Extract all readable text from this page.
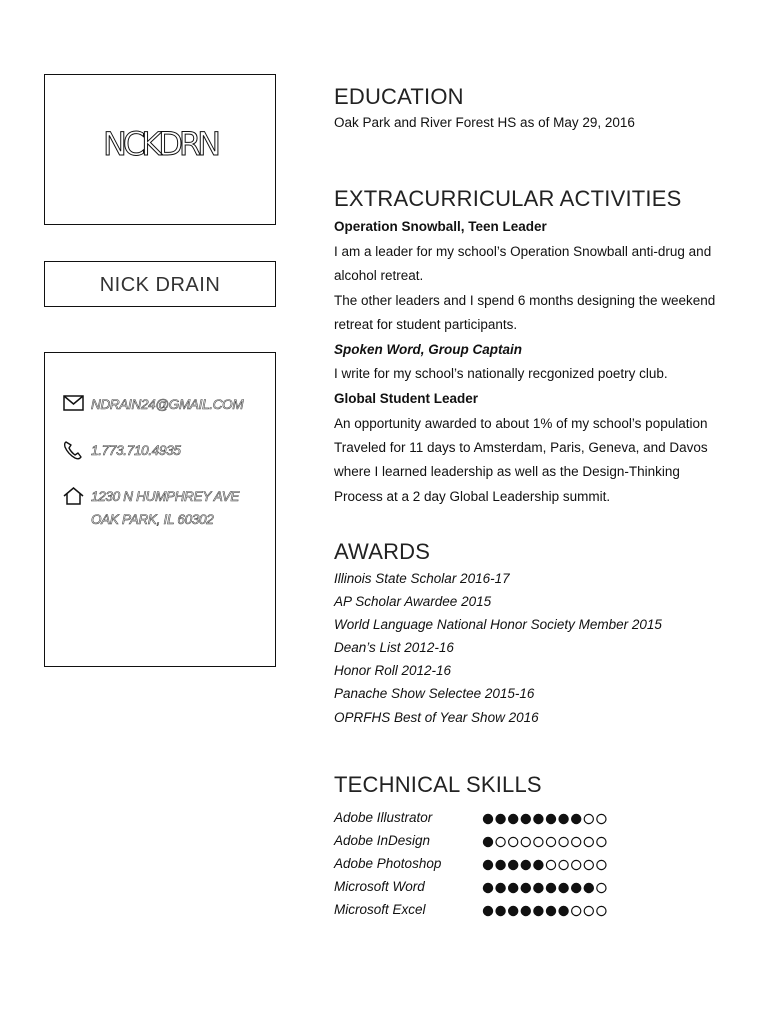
NCKDRN
NICK DRAIN
NDRAIN24@GMAIL.COM
1.773.710.4935
1230 N HUMPHREY AVE
OAK PARK, IL 60302
EDUCATION
Oak Park and River Forest HS as of May 29, 2016
EXTRACURRICULAR ACTIVITIES
Operation Snowball, Teen Leader
I am a leader for my school’s Operation Snowball anti-drug and
alcohol retreat.
The other leaders and I spend 6 months designing the weekend
retreat for student participants.
Spoken Word, Group Captain
I write for my school’s nationally recgonized poetry club.
Global Student Leader
An opportunity awarded to about 1% of my school’s population
Traveled for 11 days to Amsterdam, Paris, Geneva, and Davos
where I learned leadership as well as the Design-Thinking
Process at a 2 day Global Leadership summit.
AWARDS
Illinois State Scholar 2016-17
AP Scholar Awardee 2015
World Language National Honor Society Member 2015
Dean’s List 2012-16
Honor Roll 2012-16
Panache Show Selectee 2015-16
OPRFHS Best of Year Show 2016
TECHNICAL SKILLS
Adobe Illustrator
Adobe InDesign
Adobe Photoshop
Microsoft Word
Microsoft Excel
